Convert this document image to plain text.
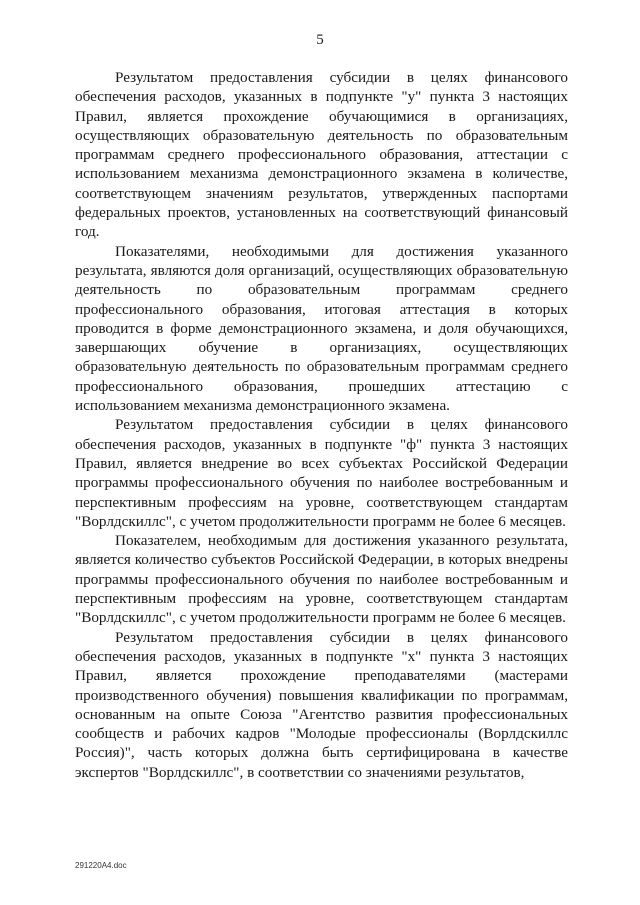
5

Результатом предоставления субсидии в целях финансового обеспечения расходов, указанных в подпункте "у" пункта 3 настоящих Правил, является прохождение обучающимися в организациях, осуществляющих образовательную деятельность по образовательным программам среднего профессионального образования, аттестации с использованием механизма демонстрационного экзамена в количестве, соответствующем значениям результатов, утвержденных паспортами федеральных проектов, установленных на соответствующий финансовый год.

Показателями, необходимыми для достижения указанного результата, являются доля организаций, осуществляющих образовательную деятельность по образовательным программам среднего профессионального образования, итоговая аттестация в которых проводится в форме демонстрационного экзамена, и доля обучающихся, завершающих обучение в организациях, осуществляющих образовательную деятельность по образовательным программам среднего профессионального образования, прошедших аттестацию с использованием механизма демонстрационного экзамена.

Результатом предоставления субсидии в целях финансового обеспечения расходов, указанных в подпункте "ф" пункта 3 настоящих Правил, является внедрение во всех субъектах Российской Федерации программы профессионального обучения по наиболее востребованным и перспективным профессиям на уровне, соответствующем стандартам "Ворлдскиллс", с учетом продолжительности программ не более 6 месяцев.

Показателем, необходимым для достижения указанного результата, является количество субъектов Российской Федерации, в которых внедрены программы профессионального обучения по наиболее востребованным и перспективным профессиям на уровне, соответствующем стандартам "Ворлдскиллс", с учетом продолжительности программ не более 6 месяцев.

Результатом предоставления субсидии в целях финансового обеспечения расходов, указанных в подпункте "х" пункта 3 настоящих Правил, является прохождение преподавателями (мастерами производственного обучения) повышения квалификации по программам, основанным на опыте Союза "Агентство развития профессиональных сообществ и рабочих кадров "Молодые профессионалы (Ворлдскиллс Россия)", часть которых должна быть сертифицирована в качестве экспертов "Ворлдскиллс", в соответствии со значениями результатов,

291220A4.doc
